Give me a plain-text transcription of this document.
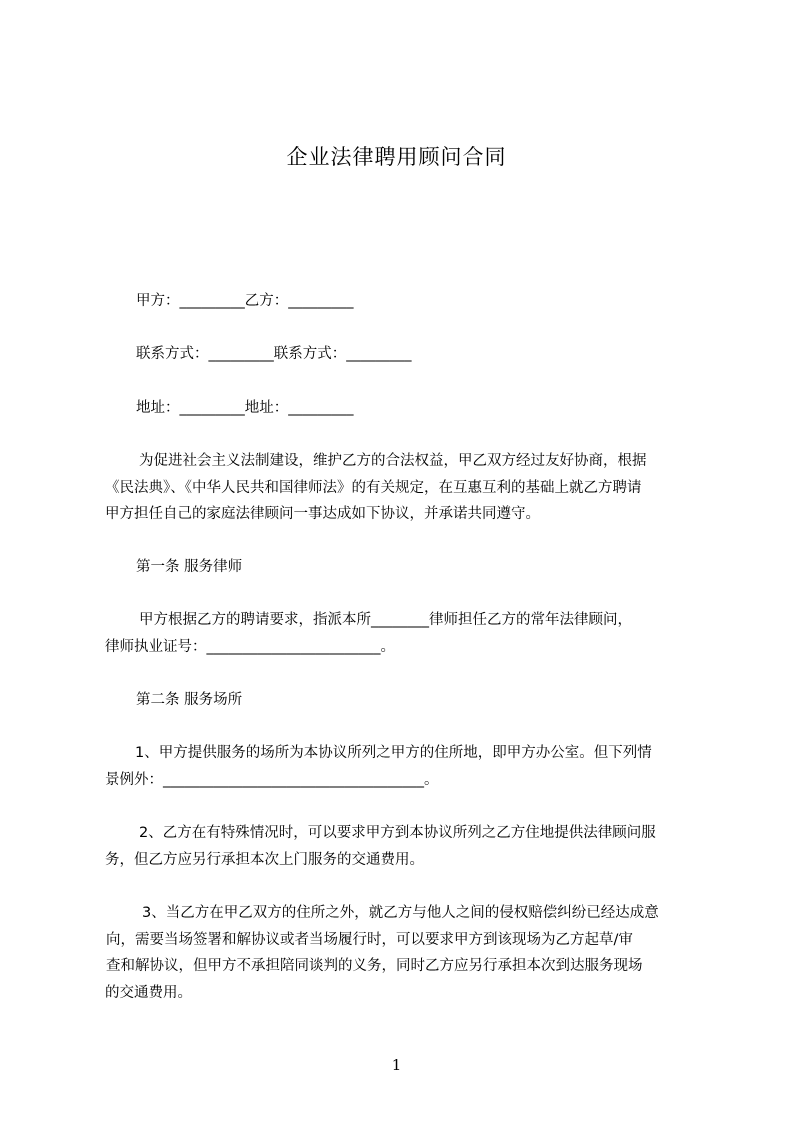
企业法律聘用顾问合同
甲方：_________乙方：_________
联系方式：_________联系方式：_________
地址：_________地址：_________
为促进社会主义法制建设，维护乙方的合法权益，甲乙双方经过友好协商，根据
《民法典》、《中华人民共和国律师法》的有关规定，在互惠互利的基础上就乙方聘请
甲方担任自己的家庭法律顾问一事达成如下协议，并承诺共同遵守。
第一条 服务律师
甲方根据乙方的聘请要求，指派本所________律师担任乙方的常年法律顾问，
律师执业证号：________________________。
第二条 服务场所
1、甲方提供服务的场所为本协议所列之甲方的住所地，即甲方办公室。但下列情
景例外：____________________________________。
2、乙方在有特殊情况时，可以要求甲方到本协议所列之乙方住地提供法律顾问服
务，但乙方应另行承担本次上门服务的交通费用。
3、当乙方在甲乙双方的住所之外，就乙方与他人之间的侵权赔偿纠纷已经达成意
向，需要当场签署和解协议或者当场履行时，可以要求甲方到该现场为乙方起草/审
查和解协议，但甲方不承担陪同谈判的义务，同时乙方应另行承担本次到达服务现场
的交通费用。
1
